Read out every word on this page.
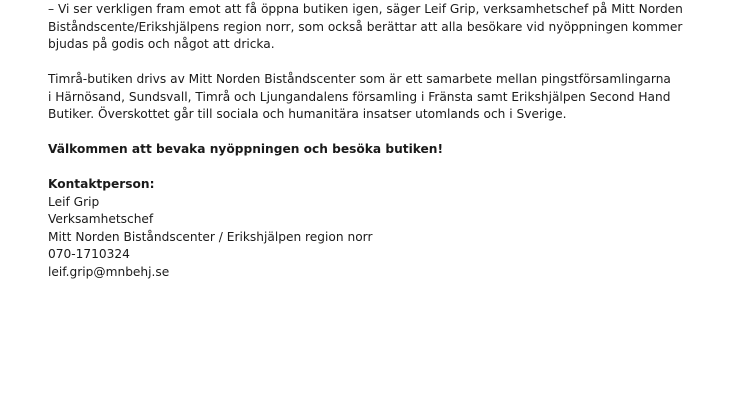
– Vi ser verkligen fram emot att få öppna butiken igen, säger Leif Grip, verksamhetschef på Mitt Norden
Biståndscente/Erikshjälpens region norr, som också berättar att alla besökare vid nyöppningen kommer
bjudas på godis och något att dricka.

Timrå-butiken drivs av Mitt Norden Biståndscenter som är ett samarbete mellan pingstförsamlingarna
i Härnösand, Sundsvall, Timrå och Ljungandalens församling i Fränsta samt Erikshjälpen Second Hand
Butiker. Överskottet går till sociala och humanitära insatser utomlands och i Sverige.

Välkommen att bevaka nyöppningen och besöka butiken!

Kontaktperson:
Leif Grip
Verksamhetschef
Mitt Norden Biståndscenter / Erikshjälpen region norr
070-1710324
leif.grip@mnbehj.se
